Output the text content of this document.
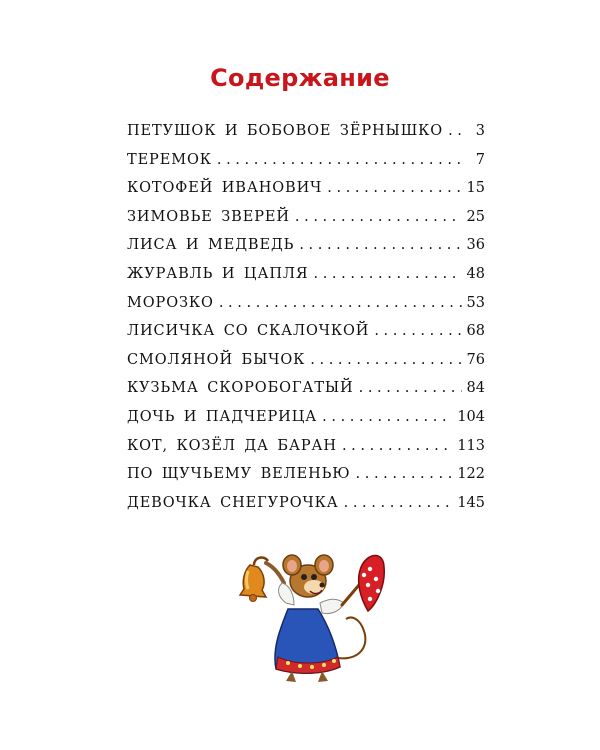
Содержание
ПЕТУШОК И БОБОВОЕ ЗЁРНЫШКО . . .	3
ТЕРЕМОК . . .	7
КОТОФЕЙ ИВАНОВИЧ . . .	15
ЗИМОВЬЕ ЗВЕРЕЙ . . .	25
ЛИСА И МЕДВЕДЬ . . .	36
ЖУРАВЛЬ И ЦАПЛЯ . . .	48
МОРОЗКО . . .	53
ЛИСИЧКА СО СКАЛОЧКОЙ . . .	68
СМОЛЯНОЙ БЫЧОК . . .	76
КУЗЬМА СКОРОБОГАТЫЙ . . .	84
ДОЧЬ И ПАДЧЕРИЦА . . .	104
КОТ, КОЗЁЛ ДА БАРАН . . .	113
ПО ЩУЧЬЕМУ ВЕЛЕНЬЮ . . .	122
ДЕВОЧКА СНЕГУРОЧКА . . .	145
